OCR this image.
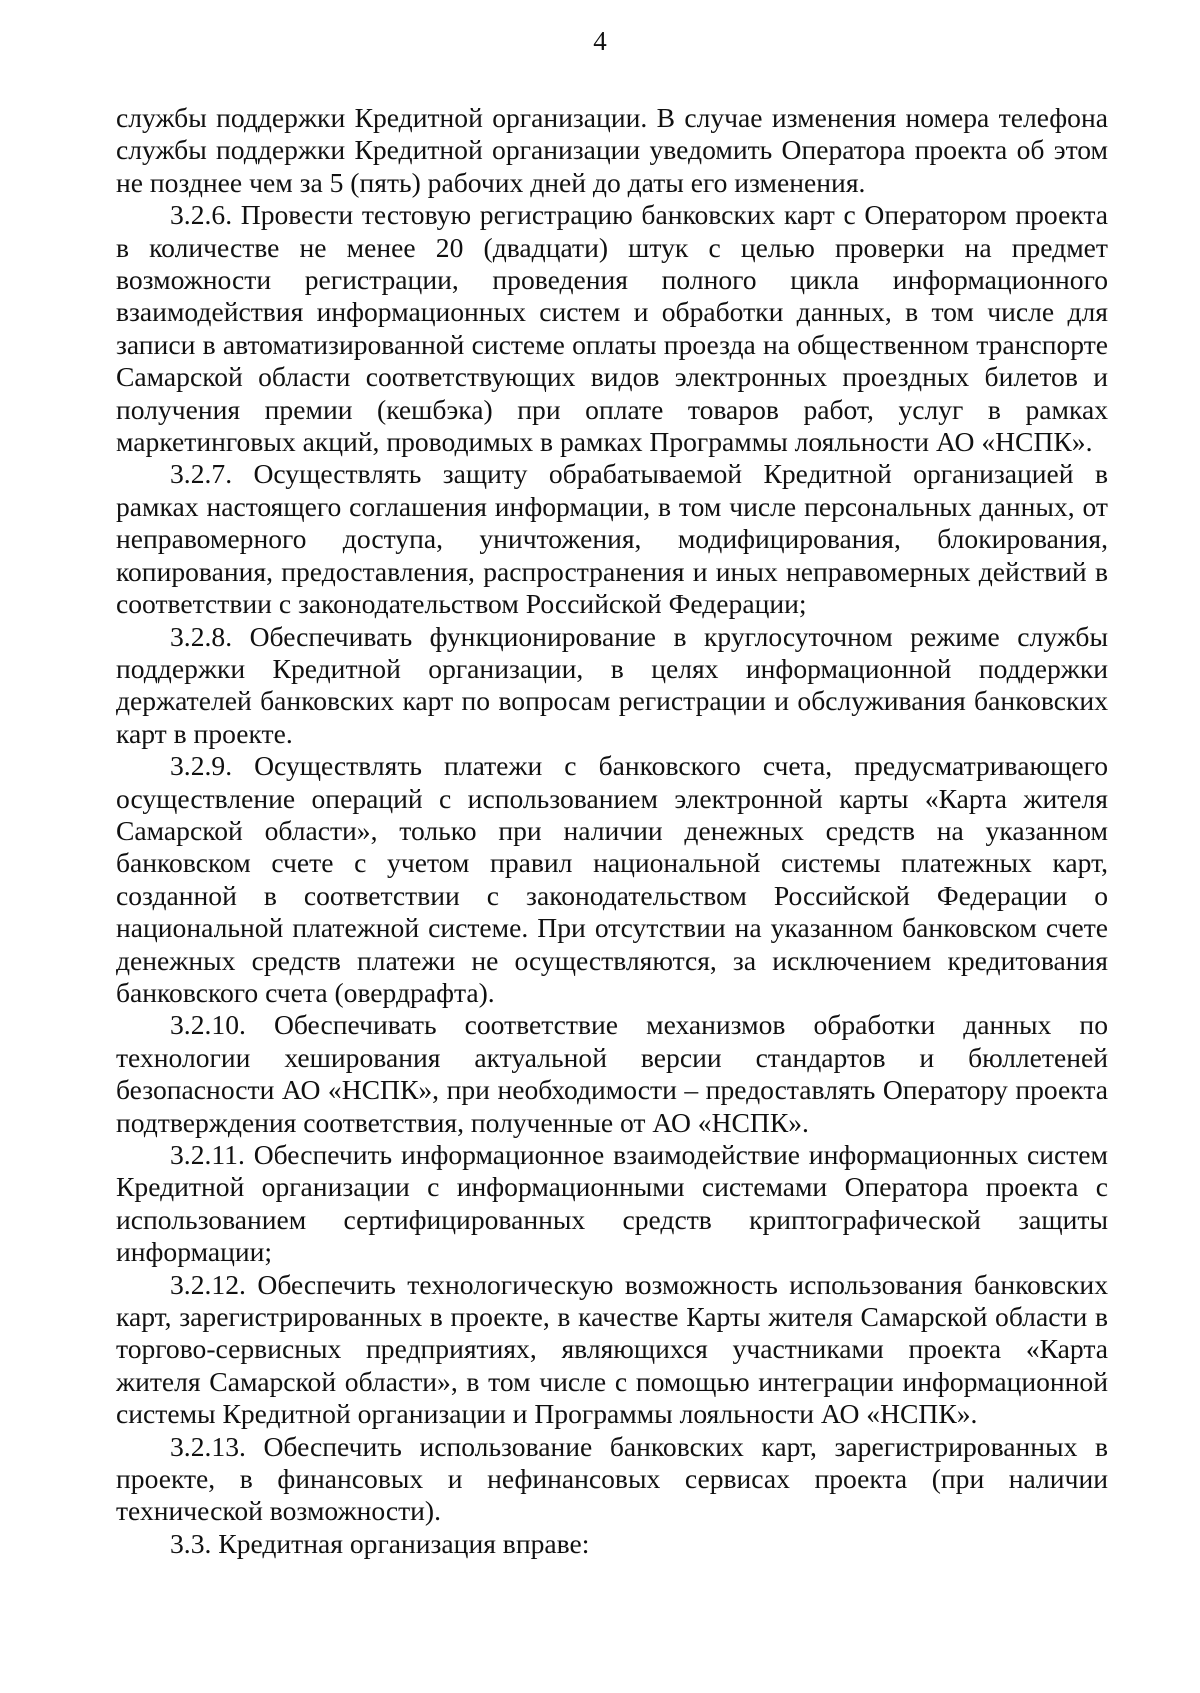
4

службы поддержки Кредитной организации. В случае изменения номера телефона службы поддержки Кредитной организации уведомить Оператора проекта об этом не позднее чем за 5 (пять) рабочих дней до даты его изменения.

3.2.6. Провести тестовую регистрацию банковских карт с Оператором проекта в количестве не менее 20 (двадцати) штук с целью проверки на предмет возможности регистрации, проведения полного цикла информационного взаимодействия информационных систем и обработки данных, в том числе для записи в автоматизированной системе оплаты проезда на общественном транспорте Самарской области соответствующих видов электронных проездных билетов и получения премии (кешбэка) при оплате товаров работ, услуг в рамках маркетинговых акций, проводимых в рамках Программы лояльности АО «НСПК».

3.2.7. Осуществлять защиту обрабатываемой Кредитной организацией в рамках настоящего соглашения информации, в том числе персональных данных, от неправомерного доступа, уничтожения, модифицирования, блокирования, копирования, предоставления, распространения и иных неправомерных действий в соответствии с законодательством Российской Федерации;

3.2.8. Обеспечивать функционирование в круглосуточном режиме службы поддержки Кредитной организации, в целях информационной поддержки держателей банковских карт по вопросам регистрации и обслуживания банковских карт в проекте.

3.2.9. Осуществлять платежи с банковского счета, предусматривающего осуществление операций с использованием электронной карты «Карта жителя Самарской области», только при наличии денежных средств на указанном банковском счете с учетом правил национальной системы платежных карт, созданной в соответствии с законодательством Российской Федерации о национальной платежной системе. При отсутствии на указанном банковском счете денежных средств платежи не осуществляются, за исключением кредитования банковского счета (овердрафта).

3.2.10. Обеспечивать соответствие механизмов обработки данных по технологии хеширования актуальной версии стандартов и бюллетеней безопасности АО «НСПК», при необходимости – предоставлять Оператору проекта подтверждения соответствия, полученные от АО «НСПК».

3.2.11. Обеспечить информационное взаимодействие информационных систем Кредитной организации с информационными системами Оператора проекта с использованием сертифицированных средств криптографической защиты информации;

3.2.12. Обеспечить технологическую возможность использования банковских карт, зарегистрированных в проекте, в качестве Карты жителя Самарской области в торгово-сервисных предприятиях, являющихся участниками проекта «Карта жителя Самарской области», в том числе с помощью интеграции информационной системы Кредитной организации и Программы лояльности АО «НСПК».

3.2.13. Обеспечить использование банковских карт, зарегистрированных в проекте, в финансовых и нефинансовых сервисах проекта (при наличии технической возможности).

3.3. Кредитная организация вправе:
